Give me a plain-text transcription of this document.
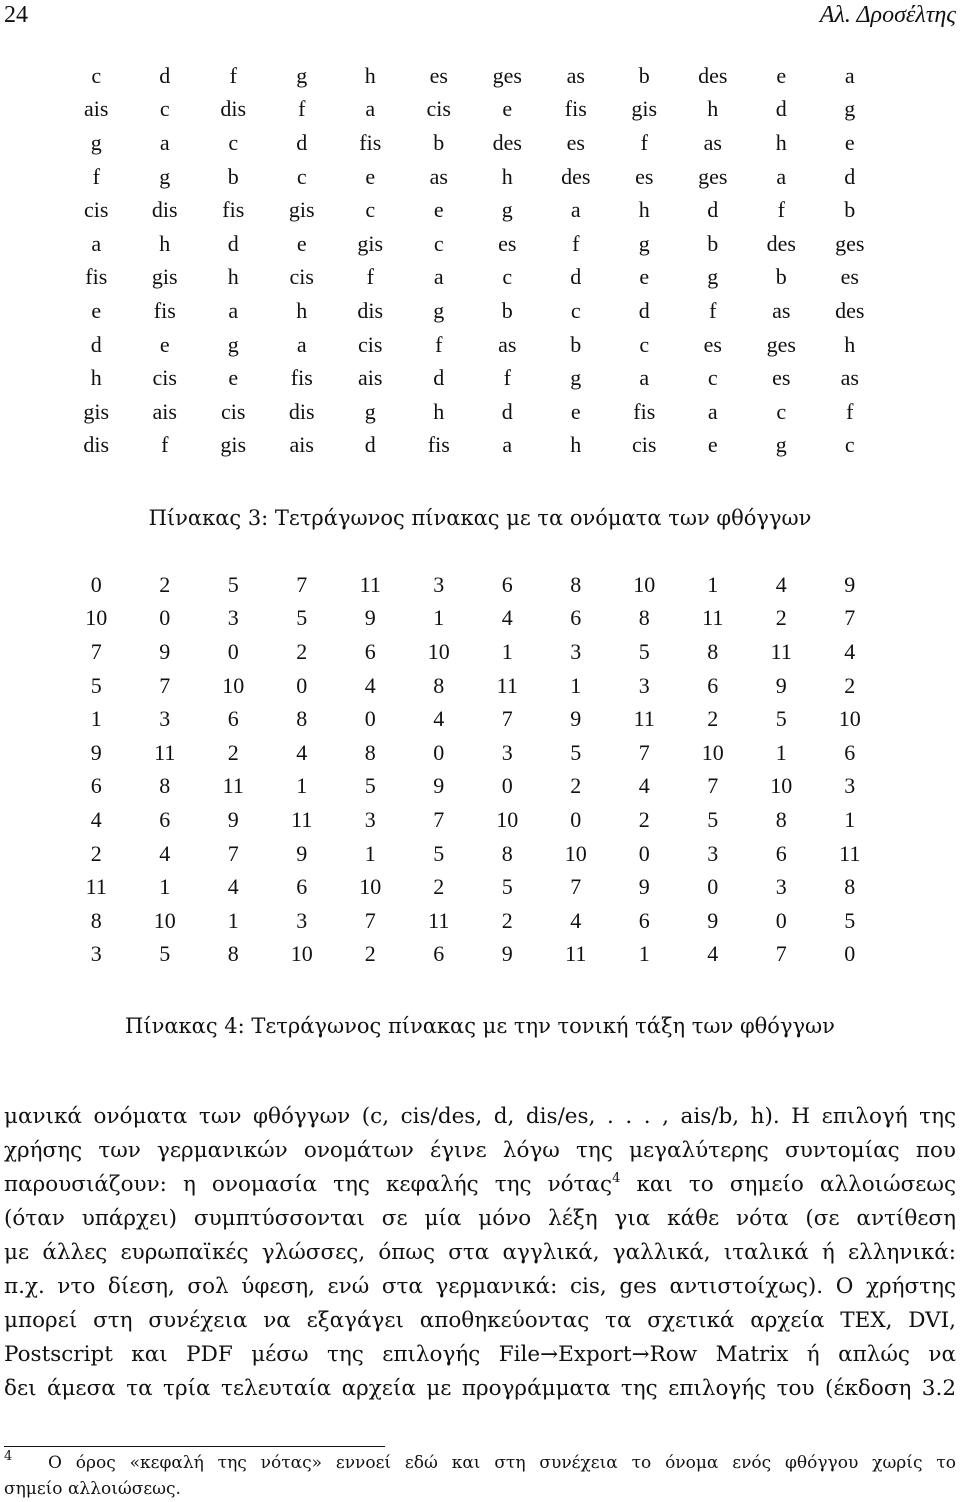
24	Αλ. Δροσέλτης
c	d	f	g	h	es	ges	as	b	des	e	a
ais	c	dis	f	a	cis	e	fis	gis	h	d	g
g	a	c	d	fis	b	des	es	f	as	h	e
f	g	b	c	e	as	h	des	es	ges	a	d
cis	dis	fis	gis	c	e	g	a	h	d	f	b
a	h	d	e	gis	c	es	f	g	b	des	ges
fis	gis	h	cis	f	a	c	d	e	g	b	es
e	fis	a	h	dis	g	b	c	d	f	as	des
d	e	g	a	cis	f	as	b	c	es	ges	h
h	cis	e	fis	ais	d	f	g	a	c	es	as
gis	ais	cis	dis	g	h	d	e	fis	a	c	f
dis	f	gis	ais	d	fis	a	h	cis	e	g	c
Πίνακας 3: Τετράγωνος πίνακας με τα ονόματα των φθόγγων
0	2	5	7	11	3	6	8	10	1	4	9
10	0	3	5	9	1	4	6	8	11	2	7
7	9	0	2	6	10	1	3	5	8	11	4
5	7	10	0	4	8	11	1	3	6	9	2
1	3	6	8	0	4	7	9	11	2	5	10
9	11	2	4	8	0	3	5	7	10	1	6
6	8	11	1	5	9	0	2	4	7	10	3
4	6	9	11	3	7	10	0	2	5	8	1
2	4	7	9	1	5	8	10	0	3	6	11
11	1	4	6	10	2	5	7	9	0	3	8
8	10	1	3	7	11	2	4	6	9	0	5
3	5	8	10	2	6	9	11	1	4	7	0
Πίνακας 4: Τετράγωνος πίνακας με την τονική τάξη των φθόγγων
μανικά ονόματα των φθόγγων (c, cis/des, d, dis/es, . . . , ais/b, h). Η επιλογή της
χρήσης των γερμανικών ονομάτων έγινε λόγω της μεγαλύτερης συντομίας που
παρουσιάζουν: η ονομασία της κεφαλής της νότας$^4$ και το σημείο αλλοιώσεως
(όταν υπάρχει) συμπτύσσονται σε μία μόνο λέξη για κάθε νότα (σε αντίθεση
με άλλες ευρωπαϊκές γλώσσες, όπως στα αγγλικά, γαλλικά, ιταλικά ή ελληνικά:
π.χ. ντο δίεση, σολ ύφεση, ενώ στα γερμανικά: cis, ges αντιστοίχως). Ο χρήστης
μπορεί στη συνέχεια να εξαγάγει αποθηκεύοντας τα σχετικά αρχεία TEX, DVI,
Postscript και PDF μέσω της επιλογής File→Export→Row Matrix ή απλώς να
δει άμεσα τα τρία τελευταία αρχεία με προγράμματα της επιλογής του (έκδοση 3.2
4 Ο όρος «κεφαλή της νότας» εννοεί εδώ και στη συνέχεια το όνομα ενός φθόγγου χωρίς το
σημείο αλλοιώσεως.
